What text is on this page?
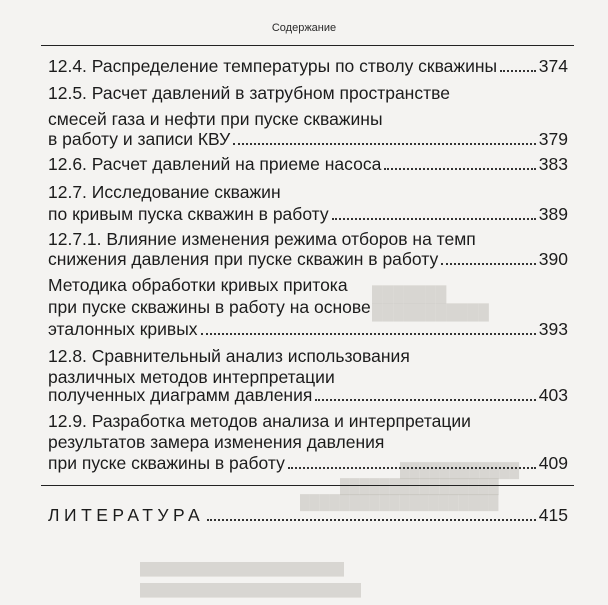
███████
███████████
████████████
████████████████
████████████████████
████████████████████████
██████████████████████████
Содержание
12.4. Распределение температуры по стволу скважины 374
12.5. Расчет давлений в затрубном пространстве
смесей газа и нефти при пуске скважины
в работу и записи КВУ	379
12.6. Расчет давлений на приеме насоса	383
12.7. Исследование скважин
по кривым пуска скважин в работу	389
12.7.1. Влияние изменения режима отборов на темп
снижения давления при пуске скважин в работу	390
Методика обработки кривых притока
при пуске скважины в работу на основе
эталонных кривых	393
12.8. Сравнительный анализ использования
различных методов интерпретации
полученных диаграмм давления	403
12.9. Разработка методов анализа и интерпретации
результатов замера изменения давления
при пуске скважины в работу	409
ЛИТЕРАТУРА	415
